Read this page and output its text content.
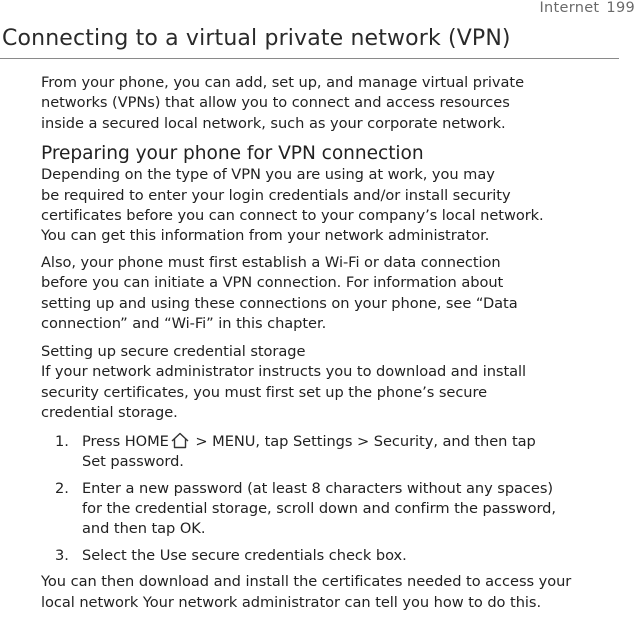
Internet 199
Connecting to a virtual private network (VPN)

From your phone, you can add, set up, and manage virtual private
networks (VPNs) that allow you to connect and access resources
inside a secured local network, such as your corporate network.

Preparing your phone for VPN connection

Depending on the type of VPN you are using at work, you may
be required to enter your login credentials and/or install security
certificates before you can connect to your company’s local network.
You can get this information from your network administrator.

Also, your phone must first establish a Wi-Fi or data connection
before you can initiate a VPN connection. For information about
setting up and using these connections on your phone, see “Data
connection” and “Wi-Fi” in this chapter.

Setting up secure credential storage

If your network administrator instructs you to download and install
security certificates, you must first set up the phone’s secure
credential storage.

1. Press HOME > MENU, tap Settings > Security, and then tap
Set password.
2. Enter a new password (at least 8 characters without any spaces)
for the credential storage, scroll down and confirm the password,
and then tap OK.
3. Select the Use secure credentials check box.

You can then download and install the certificates needed to access your
local network Your network administrator can tell you how to do this.
